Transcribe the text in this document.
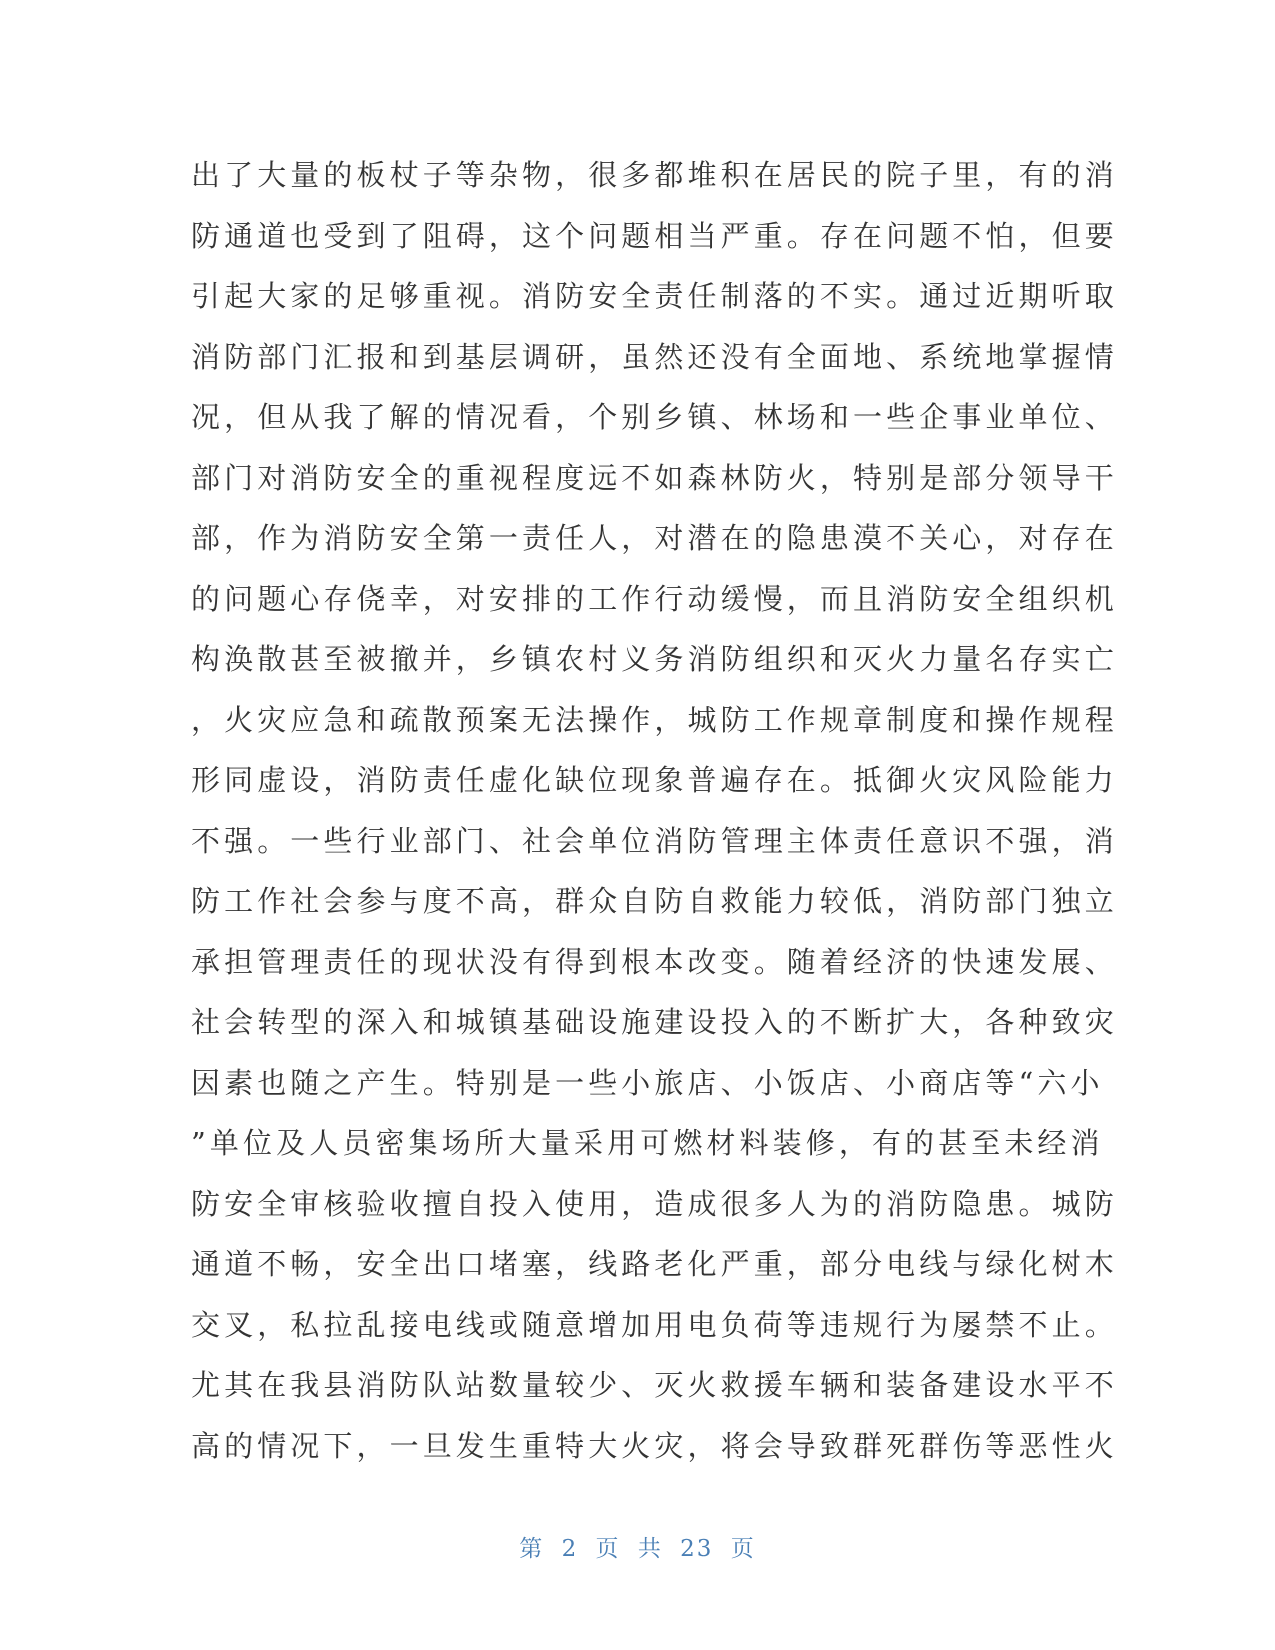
出了大量的板杖子等杂物，很多都堆积在居民的院子里，有的消
防通道也受到了阻碍，这个问题相当严重。存在问题不怕，但要
引起大家的足够重视。消防安全责任制落的不实。通过近期听取
消防部门汇报和到基层调研，虽然还没有全面地、系统地掌握情
况，但从我了解的情况看，个别乡镇、林场和一些企事业单位、
部门对消防安全的重视程度远不如森林防火，特别是部分领导干
部，作为消防安全第一责任人，对潜在的隐患漠不关心，对存在
的问题心存侥幸，对安排的工作行动缓慢，而且消防安全组织机
构涣散甚至被撤并，乡镇农村义务消防组织和灭火力量名存实亡
，火灾应急和疏散预案无法操作，城防工作规章制度和操作规程
形同虚设，消防责任虚化缺位现象普遍存在。抵御火灾风险能力
不强。一些行业部门、社会单位消防管理主体责任意识不强，消
防工作社会参与度不高，群众自防自救能力较低，消防部门独立
承担管理责任的现状没有得到根本改变。随着经济的快速发展、
社会转型的深入和城镇基础设施建设投入的不断扩大，各种致灾
因素也随之产生。特别是一些小旅店、小饭店、小商店等“六小
”单位及人员密集场所大量采用可燃材料装修，有的甚至未经消
防安全审核验收擅自投入使用，造成很多人为的消防隐患。城防
通道不畅，安全出口堵塞，线路老化严重，部分电线与绿化树木
交叉，私拉乱接电线或随意增加用电负荷等违规行为屡禁不止。
尤其在我县消防队站数量较少、灭火救援车辆和装备建设水平不
高的情况下，一旦发生重特大火灾，将会导致群死群伤等恶性火
第 2 页 共 23 页
